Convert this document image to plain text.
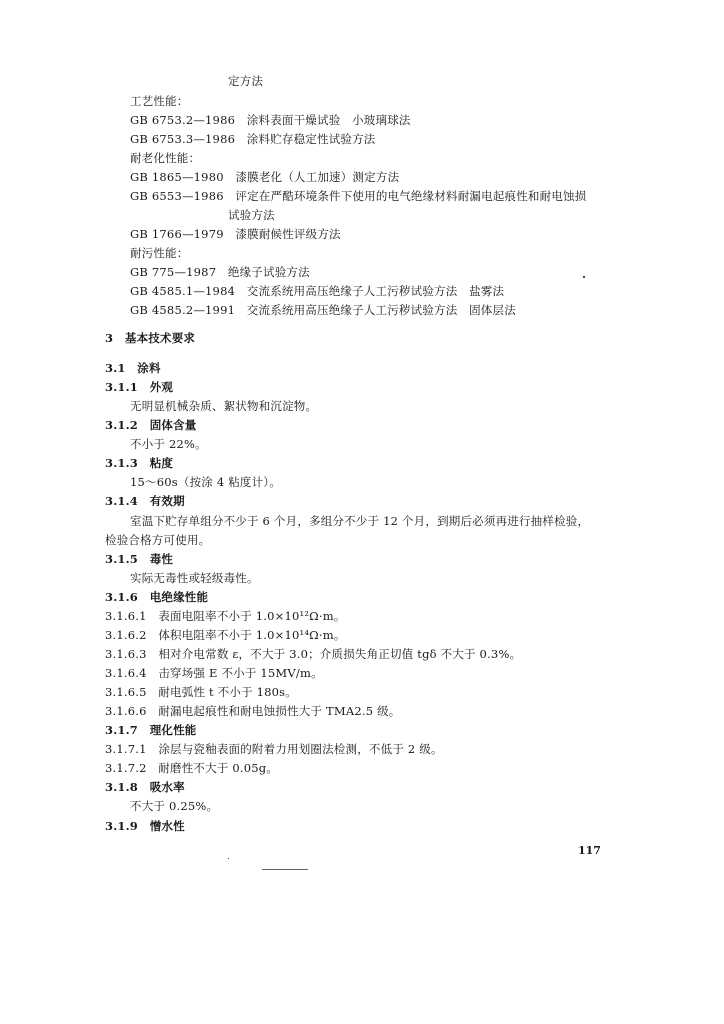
定方法
工艺性能：
GB 6753.2—1986　涂料表面干燥试验　小玻璃球法
GB 6753.3—1986　涂料贮存稳定性试验方法
耐老化性能：
GB 1865—1980　漆膜老化（人工加速）测定方法
GB 6553—1986　评定在严酷环境条件下使用的电气绝缘材料耐漏电起痕性和耐电蚀损
试验方法
GB 1766—1979　漆膜耐候性评级方法
耐污性能：
GB 775—1987　绝缘子试验方法
GB 4585.1—1984　交流系统用高压绝缘子人工污秽试验方法　盐雾法
GB 4585.2—1991　交流系统用高压绝缘子人工污秽试验方法　固体层法
3　基本技术要求
3.1　涂料
3.1.1　外观
无明显机械杂质、絮状物和沉淀物。
3.1.2　固体含量
不小于 22%。
3.1.3　粘度
15～60s（按涂 4 粘度计）。
3.1.4　有效期
室温下贮存单组分不少于 6 个月，多组分不少于 12 个月，到期后必须再进行抽样检验，
检验合格方可使用。
3.1.5　毒性
实际无毒性或轻级毒性。
3.1.6　电绝缘性能
3.1.6.1　表面电阻率不小于 1.0×10¹²Ω·m。
3.1.6.2　体积电阻率不小于 1.0×10¹⁴Ω·m。
3.1.6.3　相对介电常数 ε，不大于 3.0；介质损失角正切值 tgδ 不大于 0.3%。
3.1.6.4　击穿场强 E 不小于 15MV/m。
3.1.6.5　耐电弧性 t 不小于 180s。
3.1.6.6　耐漏电起痕性和耐电蚀损性大于 TMA2.5 级。
3.1.7　理化性能
3.1.7.1　涂层与瓷釉表面的附着力用划圈法检测，不低于 2 级。
3.1.7.2　耐磨性不大于 0.05g。
3.1.8　吸水率
不大于 0.25%。
3.1.9　憎水性
117
